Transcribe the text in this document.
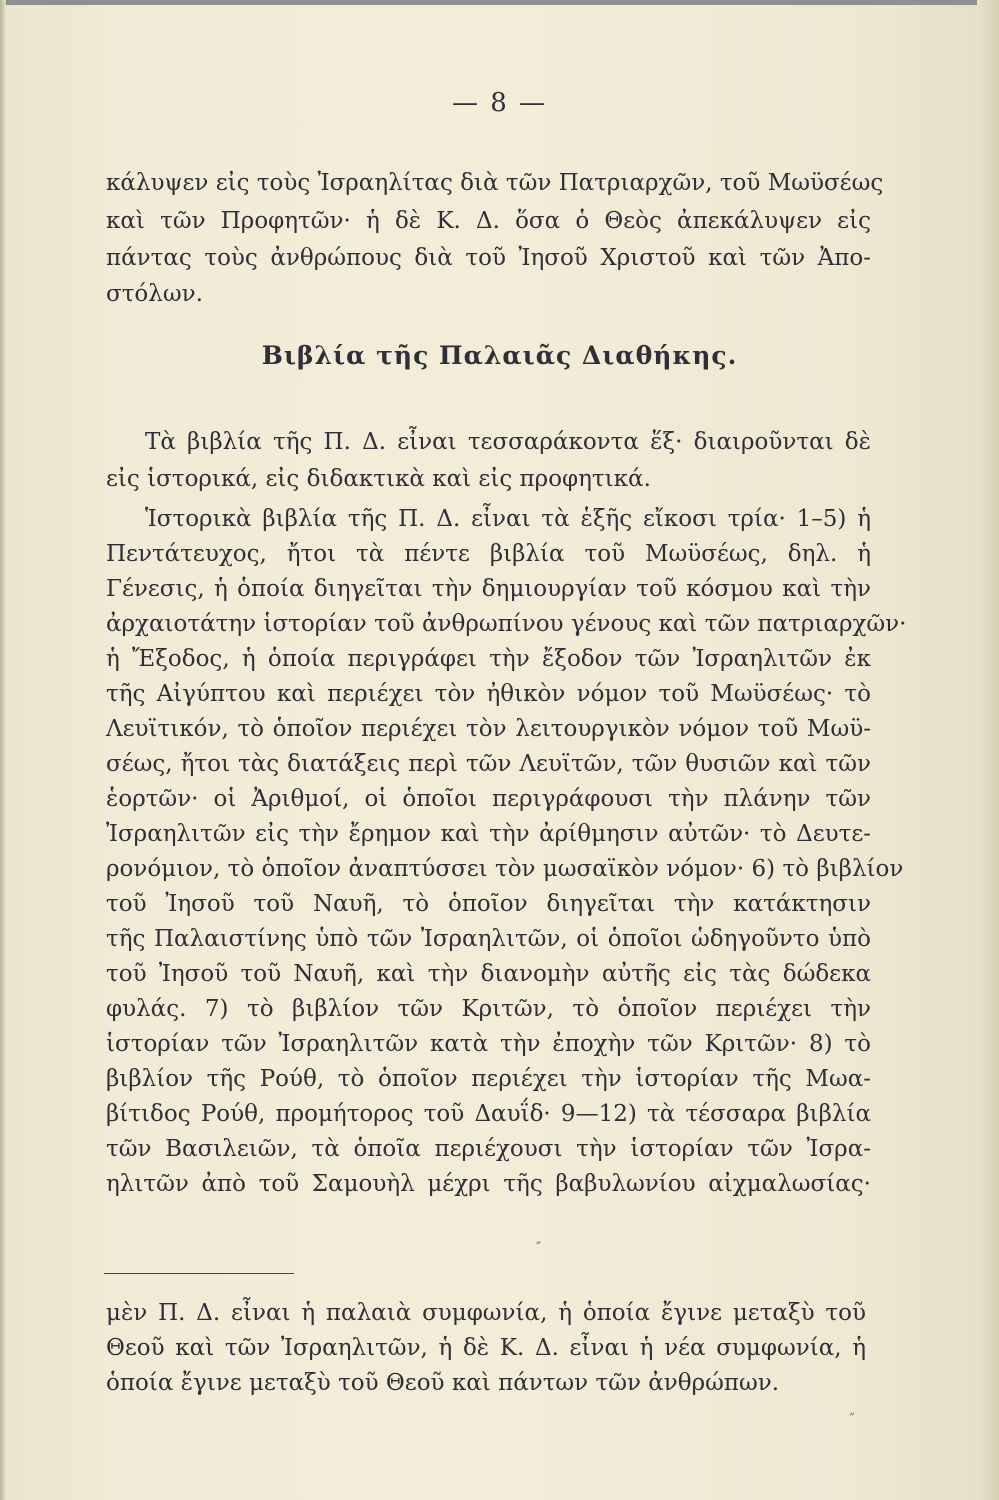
— 8 —
κάλυψεν εἰς τοὺς Ἰσραηλίτας διὰ τῶν Πατριαρχῶν, τοῦ Μωϋσέως
καὶ τῶν Προφητῶν· ἡ δὲ Κ. Δ. ὅσα ὁ Θεὸς ἀπεκάλυψεν εἰς
πάντας τοὺς ἀνθρώπους διὰ τοῦ Ἰησοῦ Χριστοῦ καὶ τῶν Ἀπο-
στόλων.
Βιβλία τῆς Παλαιᾶς Διαθήκης.
Τὰ βιβλία τῆς Π. Δ. εἶναι τεσσαράκοντα ἕξ· διαιροῦνται δὲ
εἰς ἱστορικά, εἰς διδακτικὰ καὶ εἰς προφητικά.
Ἱστορικὰ βιβλία τῆς Π. Δ. εἶναι τὰ ἑξῆς εἴκοσι τρία· 1–5) ἡ
Πεντάτευχος, ἤτοι τὰ πέντε βιβλία τοῦ Μωϋσέως, δηλ. ἡ
Γένεσις, ἡ ὁποία διηγεῖται τὴν δημιουργίαν τοῦ κόσμου καὶ τὴν
ἀρχαιοτάτην ἱστορίαν τοῦ ἀνθρωπίνου γένους καὶ τῶν πατριαρχῶν·
ἡ Ἔξοδος, ἡ ὁποία περιγράφει τὴν ἔξοδον τῶν Ἰσραηλιτῶν ἐκ
τῆς Αἰγύπτου καὶ περιέχει τὸν ἠθικὸν νόμον τοῦ Μωϋσέως· τὸ
Λευϊτικόν, τὸ ὁποῖον περιέχει τὸν λειτουργικὸν νόμον τοῦ Μωϋ-
σέως, ἤτοι τὰς διατάξεις περὶ τῶν Λευϊτῶν, τῶν θυσιῶν καὶ τῶν
ἑορτῶν· οἱ Ἀριθμοί, οἱ ὁποῖοι περιγράφουσι τὴν πλάνην τῶν
Ἰσραηλιτῶν εἰς τὴν ἔρημον καὶ τὴν ἀρίθμησιν αὐτῶν· τὸ Δευτε-
ρονόμιον, τὸ ὁποῖον ἀναπτύσσει τὸν μωσαϊκὸν νόμον· 6) τὸ βιβλίον
τοῦ Ἰησοῦ τοῦ Ναυῆ, τὸ ὁποῖον διηγεῖται τὴν κατάκτησιν
τῆς Παλαιστίνης ὑπὸ τῶν Ἰσραηλιτῶν, οἱ ὁποῖοι ὡδηγοῦντο ὑπὸ
τοῦ Ἰησοῦ τοῦ Ναυῆ, καὶ τὴν διανομὴν αὐτῆς εἰς τὰς δώδεκα
φυλάς. 7) τὸ βιβλίον τῶν Κριτῶν, τὸ ὁποῖον περιέχει τὴν
ἱστορίαν τῶν Ἰσραηλιτῶν κατὰ τὴν ἐποχὴν τῶν Κριτῶν· 8) τὸ
βιβλίον τῆς Ρούθ, τὸ ὁποῖον περιέχει τὴν ἱστορίαν τῆς Μωα-
βίτιδος Ρούθ, προμήτορος τοῦ Δαυΐδ· 9—12) τὰ τέσσαρα βιβλία
τῶν Βασιλειῶν, τὰ ὁποῖα περιέχουσι τὴν ἱστορίαν τῶν Ἰσρα-
ηλιτῶν ἀπὸ τοῦ Σαμουὴλ μέχρι τῆς βαβυλωνίου αἰχμαλωσίας·
″
μὲν Π. Δ. εἶναι ἡ παλαιὰ συμφωνία, ἡ ὁποία ἔγινε μεταξὺ τοῦ
Θεοῦ καὶ τῶν Ἰσραηλιτῶν, ἡ δὲ Κ. Δ. εἶναι ἡ νέα συμφωνία, ἡ
ὁποία ἔγινε μεταξὺ τοῦ Θεοῦ καὶ πάντων τῶν ἀνθρώπων.
˝
